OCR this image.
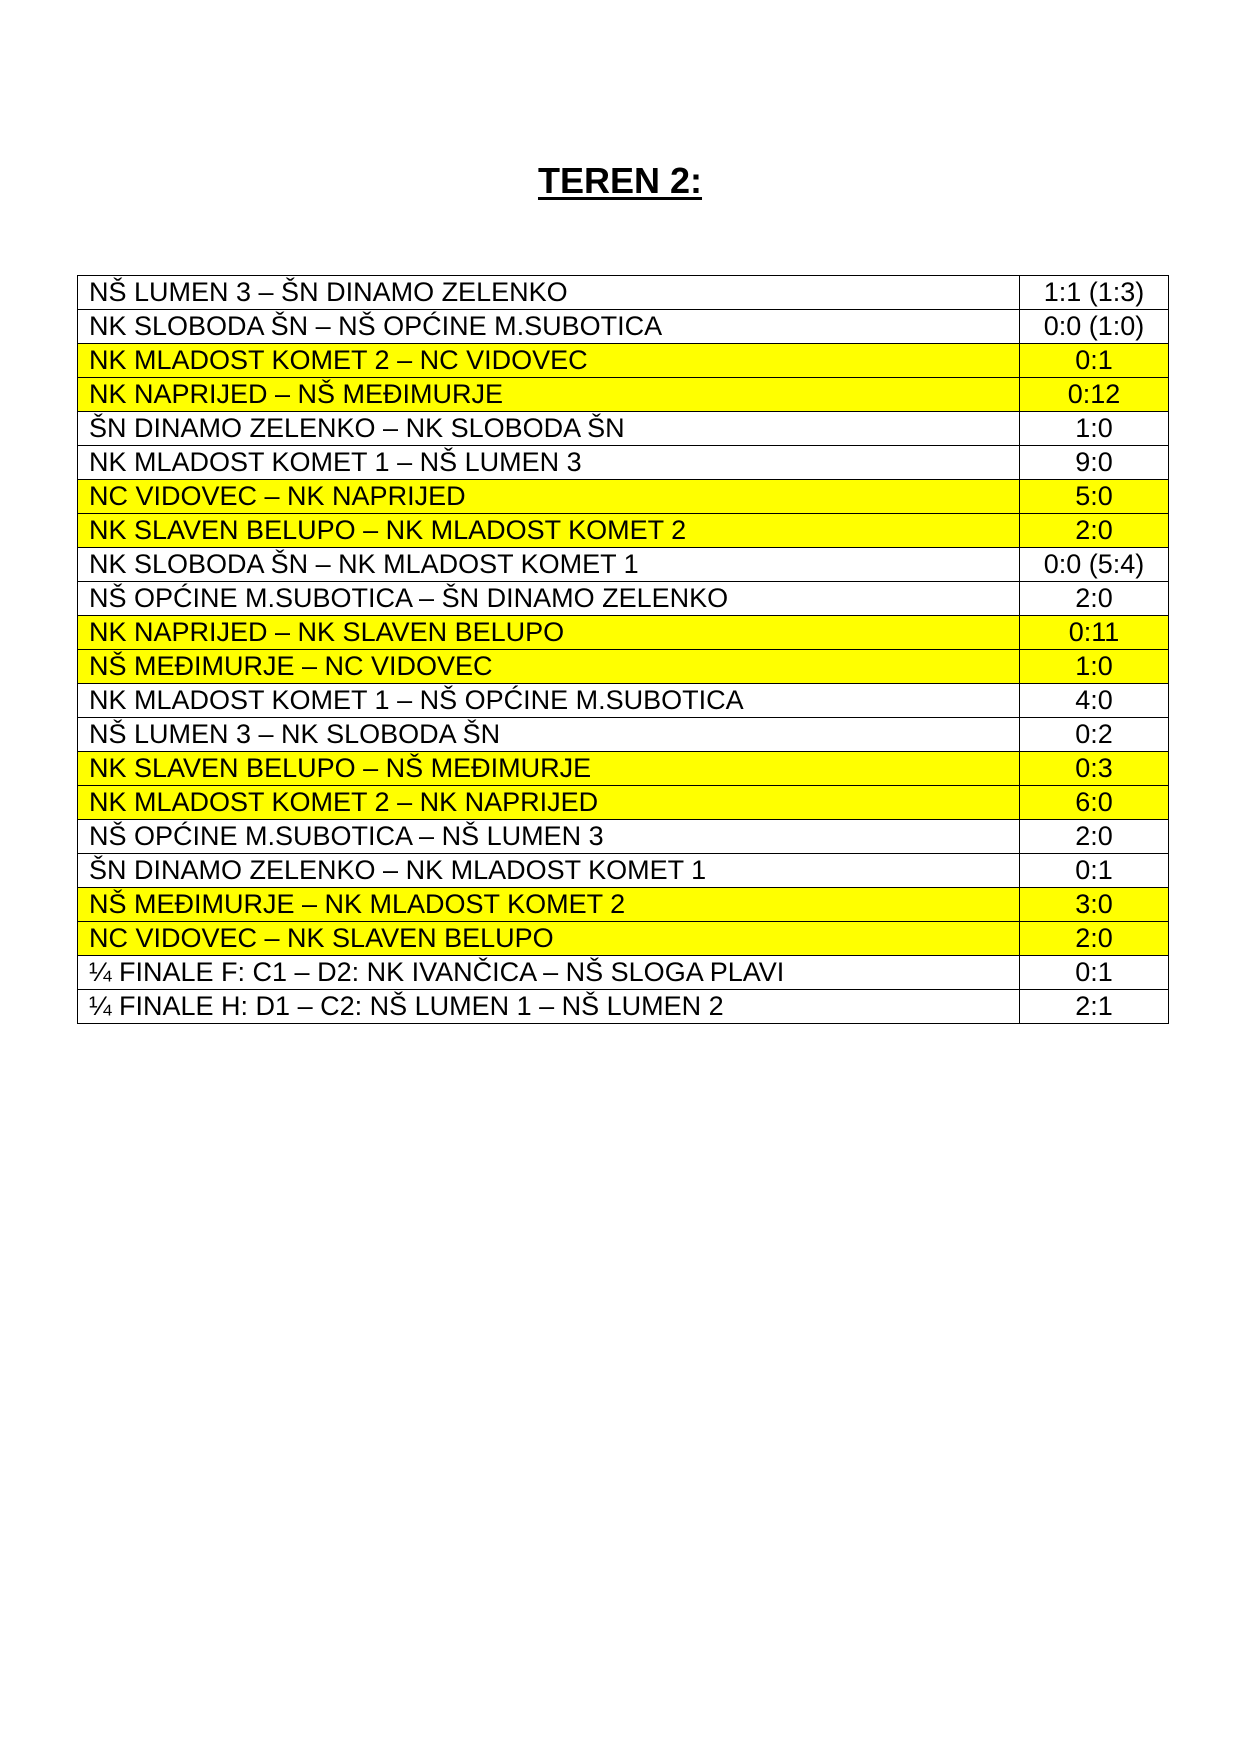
TEREN 2:
NŠ LUMEN 3 – ŠN DINAMO ZELENKO	1:1 (1:3)
NK SLOBODA ŠN – NŠ OPĆINE M.SUBOTICA	0:0 (1:0)
NK MLADOST KOMET 2 – NC VIDOVEC	0:1
NK NAPRIJED – NŠ MEĐIMURJE	0:12
ŠN DINAMO ZELENKO – NK SLOBODA ŠN	1:0
NK MLADOST KOMET 1 – NŠ LUMEN 3	9:0
NC VIDOVEC – NK NAPRIJED	5:0
NK SLAVEN BELUPO – NK MLADOST KOMET 2	2:0
NK SLOBODA ŠN – NK MLADOST KOMET 1	0:0 (5:4)
NŠ OPĆINE M.SUBOTICA – ŠN DINAMO ZELENKO	2:0
NK NAPRIJED – NK SLAVEN BELUPO	0:11
NŠ MEĐIMURJE – NC VIDOVEC	1:0
NK MLADOST KOMET 1 – NŠ OPĆINE M.SUBOTICA	4:0
NŠ LUMEN 3 – NK SLOBODA ŠN	0:2
NK SLAVEN BELUPO – NŠ MEĐIMURJE	0:3
NK MLADOST KOMET 2 – NK NAPRIJED	6:0
NŠ OPĆINE M.SUBOTICA – NŠ LUMEN 3	2:0
ŠN DINAMO ZELENKO – NK MLADOST KOMET 1	0:1
NŠ MEĐIMURJE – NK MLADOST KOMET 2	3:0
NC VIDOVEC – NK SLAVEN BELUPO	2:0
¼ FINALE F: C1 – D2: NK IVANČICA – NŠ SLOGA PLAVI	0:1
¼ FINALE H: D1 – C2: NŠ LUMEN 1 – NŠ LUMEN 2	2:1
